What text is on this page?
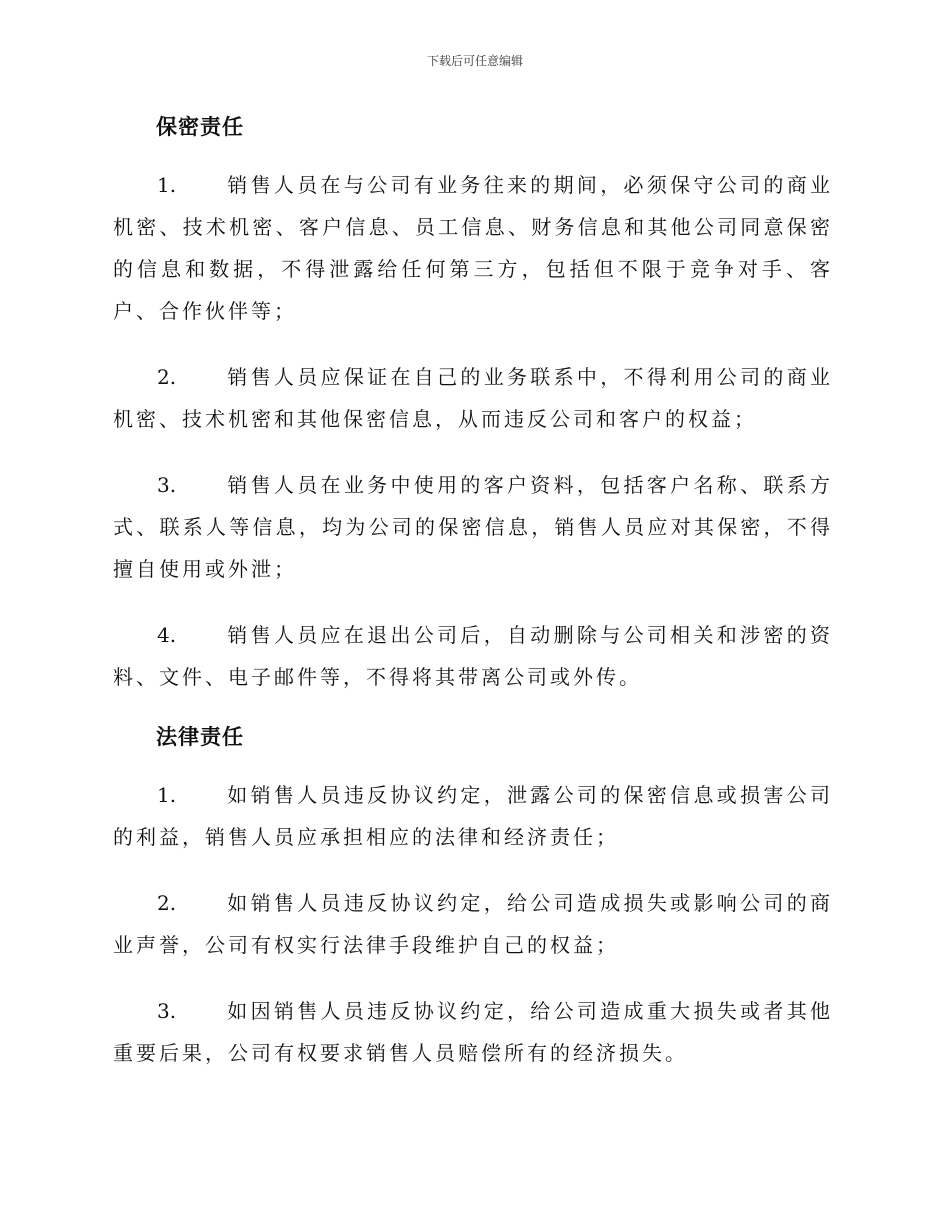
下载后可任意编辑
保密责任

1.	销售人员在与公司有业务往来的期间，必须保守公司的商业机密、技术机密、客户信息、员工信息、财务信息和其他公司同意保密的信息和数据，不得泄露给任何第三方，包括但不限于竞争对手、客户、合作伙伴等；

2.	销售人员应保证在自己的业务联系中，不得利用公司的商业机密、技术机密和其他保密信息，从而违反公司和客户的权益；

3.	销售人员在业务中使用的客户资料，包括客户名称、联系方式、联系人等信息，均为公司的保密信息，销售人员应对其保密，不得擅自使用或外泄；

4.	销售人员应在退出公司后，自动删除与公司相关和涉密的资料、文件、电子邮件等，不得将其带离公司或外传。

法律责任

1.	如销售人员违反协议约定，泄露公司的保密信息或损害公司的利益，销售人员应承担相应的法律和经济责任；

2.	如销售人员违反协议约定，给公司造成损失或影响公司的商业声誉，公司有权实行法律手段维护自己的权益；

3.	如因销售人员违反协议约定，给公司造成重大损失或者其他重要后果，公司有权要求销售人员赔偿所有的经济损失。
